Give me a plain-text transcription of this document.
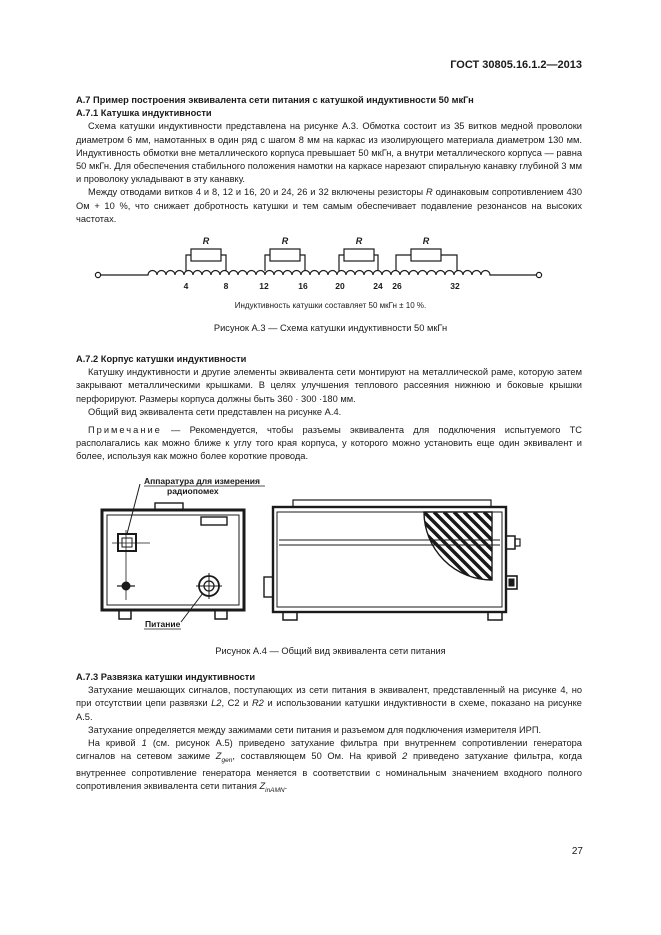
ГОСТ 30805.16.1.2—2013

А.7 Пример построения эквивалента сети питания с катушкой индуктивности 50 мкГн

А.7.1 Катушка индуктивности

Схема катушки индуктивности представлена на рисунке А.3. Обмотка состоит из 35 витков медной проволоки диаметром 6 мм, намотанных в один ряд с шагом 8 мм на каркас из изолирующего материала диаметром 130 мм. Индуктивность обмотки вне металлического корпуса превышает 50 мкГн, а внутри металлического корпуса — равна 50 мкГн. Для обеспечения стабильного положения намотки на каркасе нарезают спиральную канавку глубиной 3 мм и проволоку укладывают в эту канавку.

Между отводами витков 4 и 8, 12 и 16, 20 и 24, 26 и 32 включены резисторы R одинаковым сопротивлением 430 Ом + 10 %, что снижает добротность катушки и тем самым обеспечивает подавление резонансов на высоких частотах.

R	R	R	R
4	8	12	16	20	24 26	32
Индуктивность катушки составляет 50 мкГн ± 10 %.
Рисунок А.3 — Схема катушки индуктивности 50 мкГн

А.7.2 Корпус катушки индуктивности

Катушку индуктивности и другие элементы эквивалента сети монтируют на металлической раме, которую затем закрывают металлическими крышками. В целях улучшения теплового рассеяния нижнюю и боковые крышки перфорируют. Размеры корпуса должны быть 360 · 300 ·180 мм.

Общий вид эквивалента сети представлен на рисунке А.4.

Примечание — Рекомендуется, чтобы разъемы эквивалента для подключения испытуемого ТС располагались как можно ближе к углу того края корпуса, у которого можно установить еще один эквивалент и более, используя как можно более короткие провода.

Аппаратура для измерения
радиопомех
Питание
Рисунок А.4 — Общий вид эквивалента сети питания

А.7.3 Развязка катушки индуктивности

Затухание мешающих сигналов, поступающих из сети питания в эквивалент, представленный на рисунке 4, но при отсутствии цепи развязки L2, C2 и R2 и использовании катушки индуктивности в схеме, показано на рисунке А.5.

Затухание определяется между зажимами сети питания и разъемом для подключения измерителя ИРП.

На кривой 1 (см. рисунок А.5) приведено затухание фильтра при внутреннем сопротивлении генератора сигналов на сетевом зажиме $Z_{gen}$, составляющем 50 Ом. На кривой 2 приведено затухание фильтра, когда внутреннее сопротивление генератора меняется в соответствии с номинальным значением входного полного сопротивления эквивалента сети питания $Z_{inAMN}$.

27
